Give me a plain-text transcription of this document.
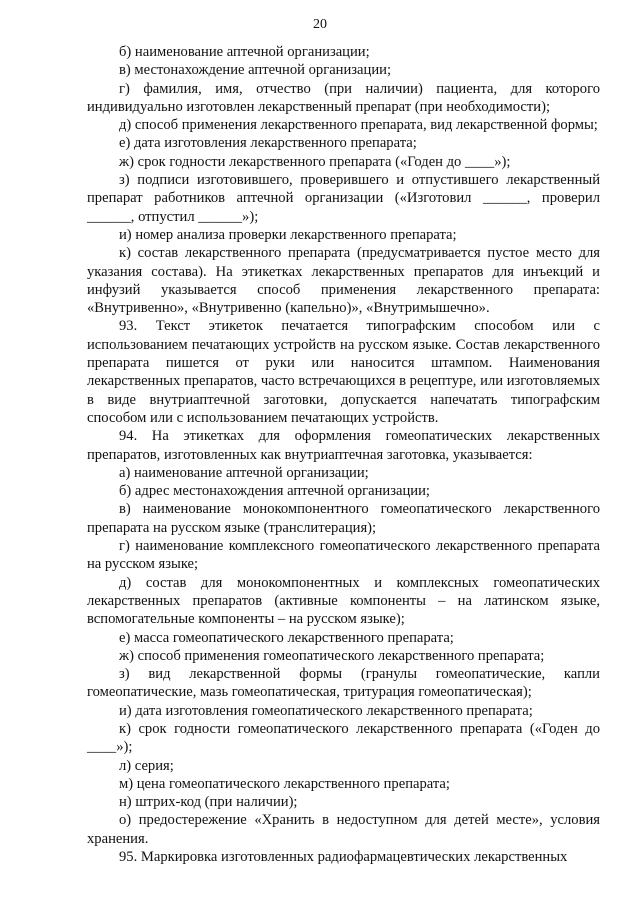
20

б) наименование аптечной организации;

в) местонахождение аптечной организации;

г) фамилия, имя, отчество (при наличии) пациента, для которого индивидуально изготовлен лекарственный препарат (при необходимости);

д) способ применения лекарственного препарата, вид лекарственной формы;

е) дата изготовления лекарственного препарата;

ж) срок годности лекарственного препарата («Годен до ____»);

з) подписи изготовившего, проверившего и отпустившего лекарственный препарат работников аптечной организации («Изготовил ______, проверил ______, отпустил ______»);

и) номер анализа проверки лекарственного препарата;

к) состав лекарственного препарата (предусматривается пустое место для указания состава). На этикетках лекарственных препаратов для инъекций и инфузий указывается способ применения лекарственного препарата: «Внутривенно», «Внутривенно (капельно)», «Внутримышечно».

93. Текст этикеток печатается типографским способом или с использованием печатающих устройств на русском языке. Состав лекарственного препарата пишется от руки или наносится штампом. Наименования лекарственных препаратов, часто встречающихся в рецептуре, или изготовляемых в виде внутриаптечной заготовки, допускается напечатать типографским способом или с использованием печатающих устройств.

94. На этикетках для оформления гомеопатических лекарственных препаратов, изготовленных как внутриаптечная заготовка, указывается:

а) наименование аптечной организации;

б) адрес местонахождения аптечной организации;

в) наименование монокомпонентного гомеопатического лекарственного препарата на русском языке (транслитерация);

г) наименование комплексного гомеопатического лекарственного препарата на русском языке;

д) состав для монокомпонентных и комплексных гомеопатических лекарственных препаратов (активные компоненты – на латинском языке, вспомогательные компоненты – на русском языке);

е) масса гомеопатического лекарственного препарата;

ж) способ применения гомеопатического лекарственного препарата;

з) вид лекарственной формы (гранулы гомеопатические, капли гомеопатические, мазь гомеопатическая, тритурация гомеопатическая);

и) дата изготовления гомеопатического лекарственного препарата;

к) срок годности гомеопатического лекарственного препарата («Годен до ____»);

л) серия;

м) цена гомеопатического лекарственного препарата;

н) штрих-код (при наличии);

о) предостережение «Хранить в недоступном для детей месте», условия хранения.

95. Маркировка изготовленных радиофармацевтических лекарственных
